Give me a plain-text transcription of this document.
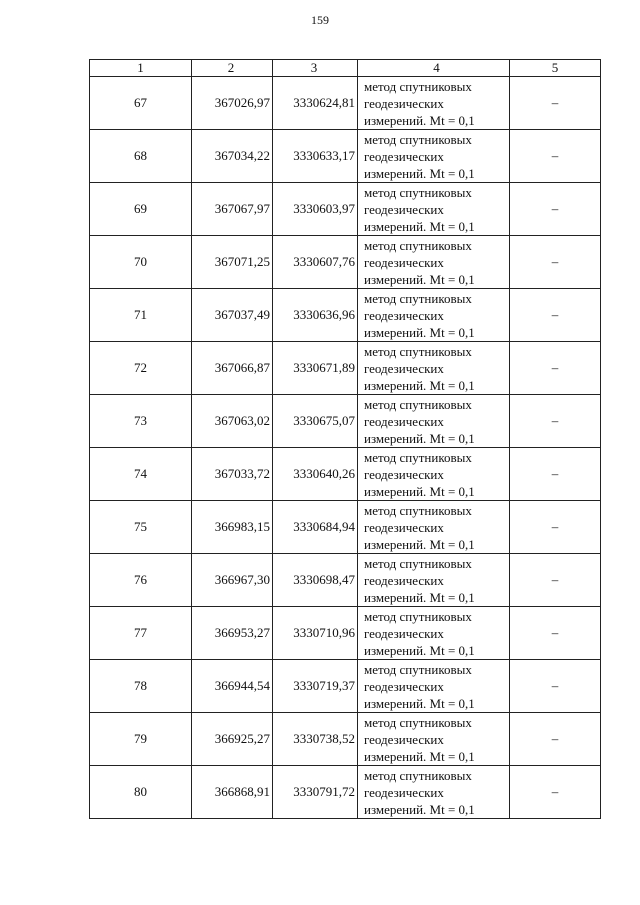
159
1	2	3	4	5
67	367026,97	3330624,81	метод спутниковых
геодезических
измерений. Mt = 0,1	–
68	367034,22	3330633,17	метод спутниковых
геодезических
измерений. Mt = 0,1	–
69	367067,97	3330603,97	метод спутниковых
геодезических
измерений. Mt = 0,1	–
70	367071,25	3330607,76	метод спутниковых
геодезических
измерений. Mt = 0,1	–
71	367037,49	3330636,96	метод спутниковых
геодезических
измерений. Mt = 0,1	–
72	367066,87	3330671,89	метод спутниковых
геодезических
измерений. Mt = 0,1	–
73	367063,02	3330675,07	метод спутниковых
геодезических
измерений. Mt = 0,1	–
74	367033,72	3330640,26	метод спутниковых
геодезических
измерений. Mt = 0,1	–
75	366983,15	3330684,94	метод спутниковых
геодезических
измерений. Mt = 0,1	–
76	366967,30	3330698,47	метод спутниковых
геодезических
измерений. Mt = 0,1	–
77	366953,27	3330710,96	метод спутниковых
геодезических
измерений. Mt = 0,1	–
78	366944,54	3330719,37	метод спутниковых
геодезических
измерений. Mt = 0,1	–
79	366925,27	3330738,52	метод спутниковых
геодезических
измерений. Mt = 0,1	–
80	366868,91	3330791,72	метод спутниковых
геодезических
измерений. Mt = 0,1	–
